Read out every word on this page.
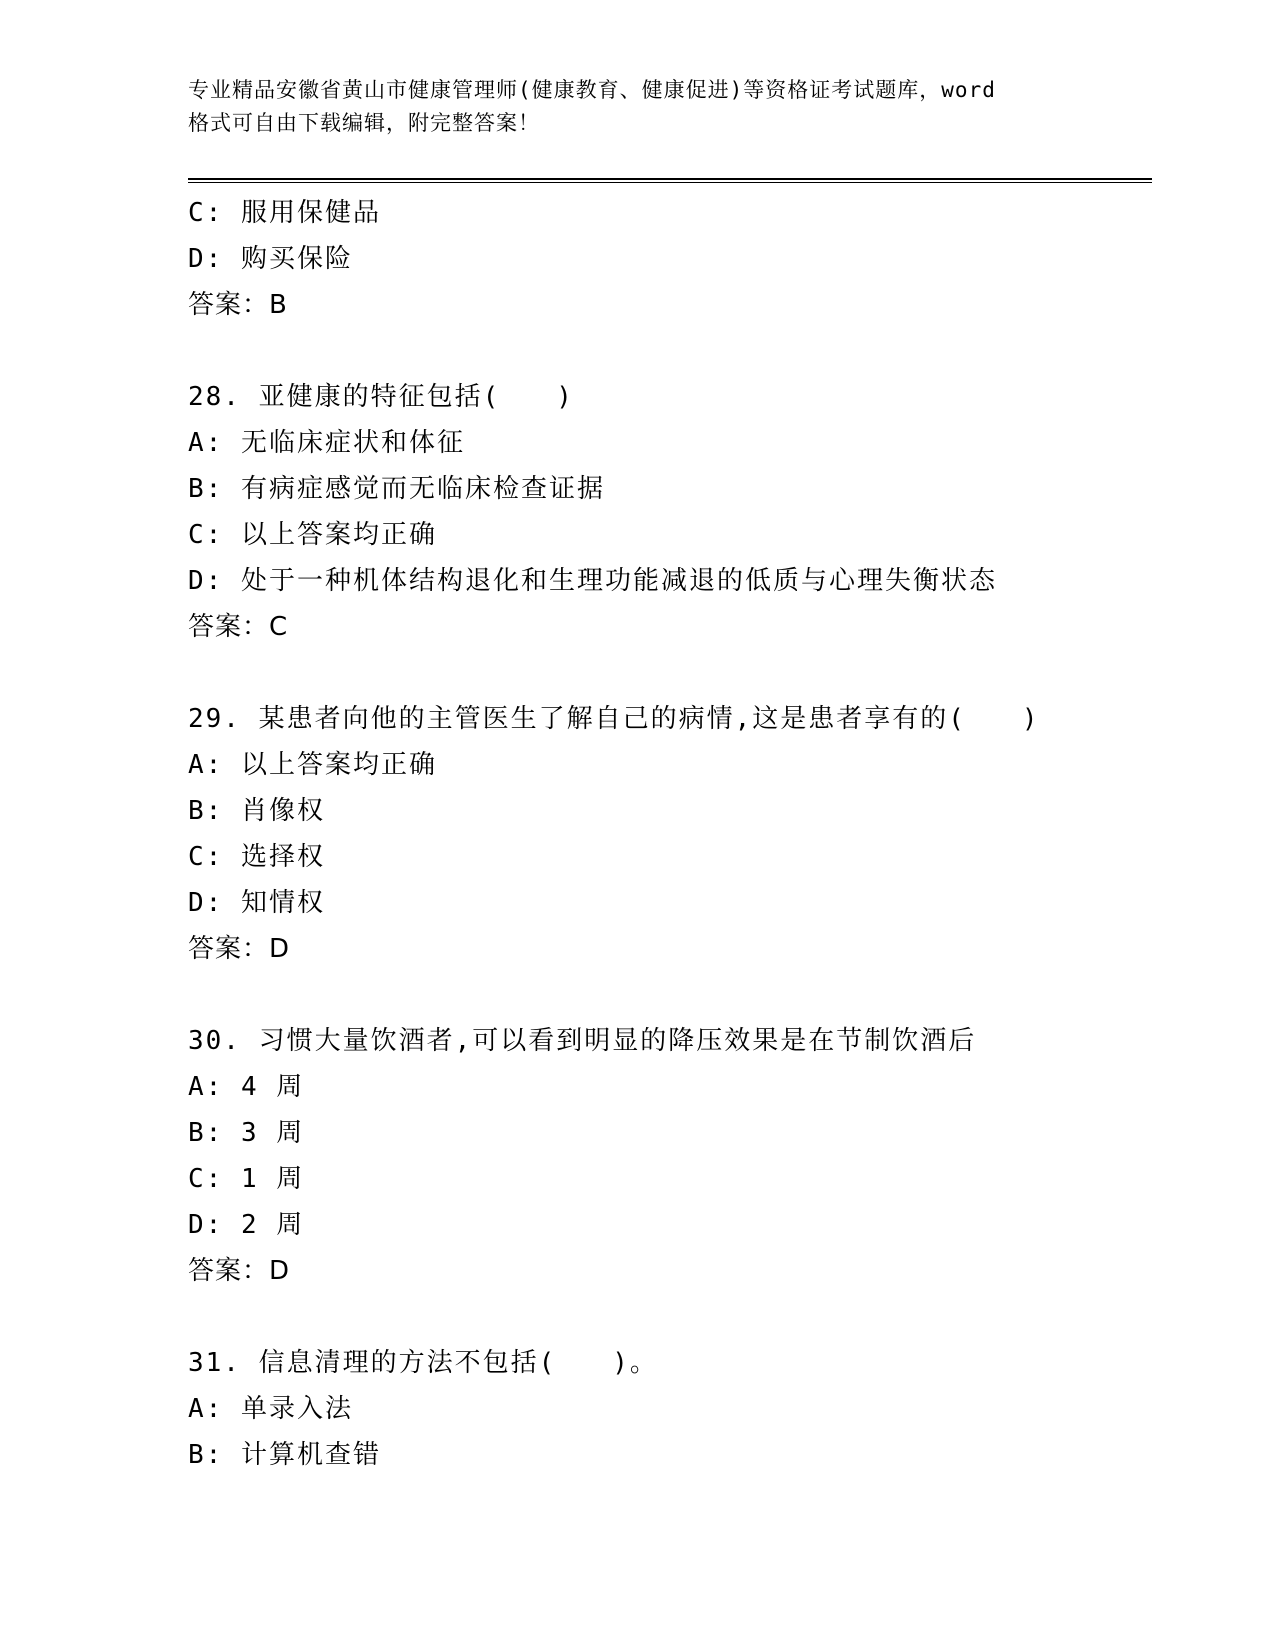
专业精品安徽省黄山市健康管理师(健康教育、健康促进)等资格证考试题库，word
格式可自由下载编辑，附完整答案！
C: 服用保健品
D: 购买保险
答案：B
28. 亚健康的特征包括(　　)
A: 无临床症状和体征
B: 有病症感觉而无临床检查证据
C: 以上答案均正确
D: 处于一种机体结构退化和生理功能减退的低质与心理失衡状态
答案：C
29. 某患者向他的主管医生了解自己的病情,这是患者享有的(　　)
A: 以上答案均正确
B: 肖像权
C: 选择权
D: 知情权
答案：D
30. 习惯大量饮酒者,可以看到明显的降压效果是在节制饮酒后
A: 4 周
B: 3 周
C: 1 周
D: 2 周
答案：D
31. 信息清理的方法不包括(　　)。
A: 单录入法
B: 计算机查错
